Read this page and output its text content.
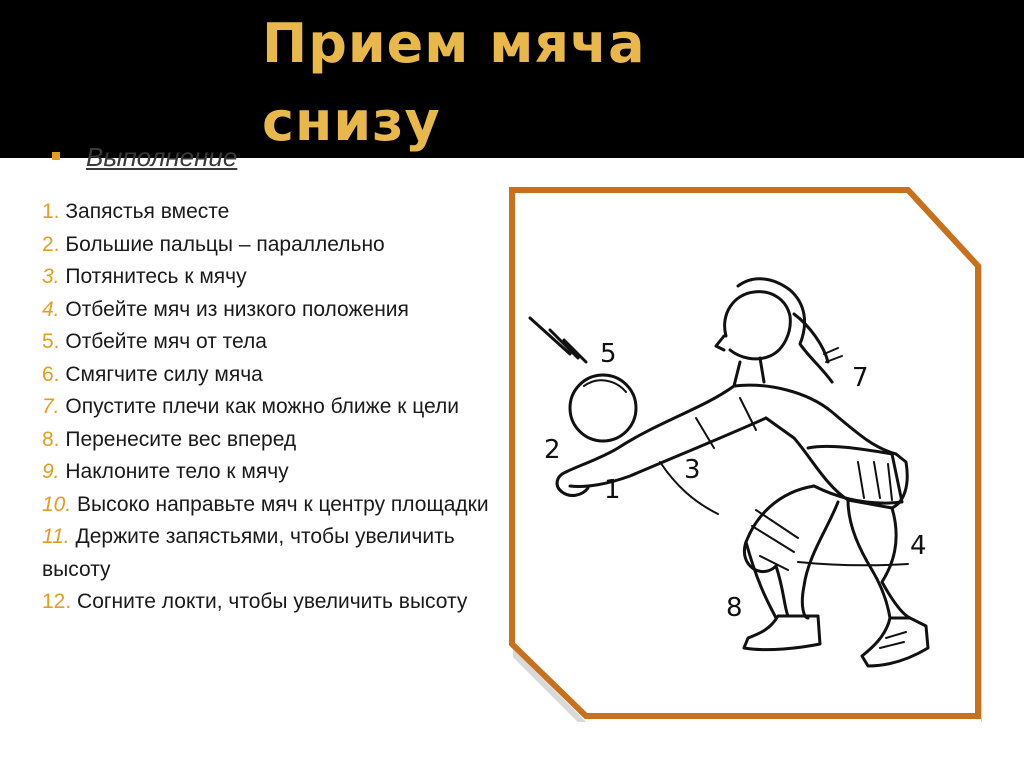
Прием мяча
снизу
Выполнение
1. Запястья вместе
2. Большие пальцы – параллельно
3. Потянитесь к мячу
4. Отбейте мяч из низкого положения
5. Отбейте мяч от тела
6. Смягчите силу мяча
7. Опустите плечи как можно ближе к цели
8. Перенесите вес вперед
9. Наклоните тело к мячу
10. Высоко направьте мяч к центру площадки
11. Держите запястьями, чтобы увеличить высоту
12. Согните локти, чтобы увеличить высоту
1
2
3
4
5
7
8
